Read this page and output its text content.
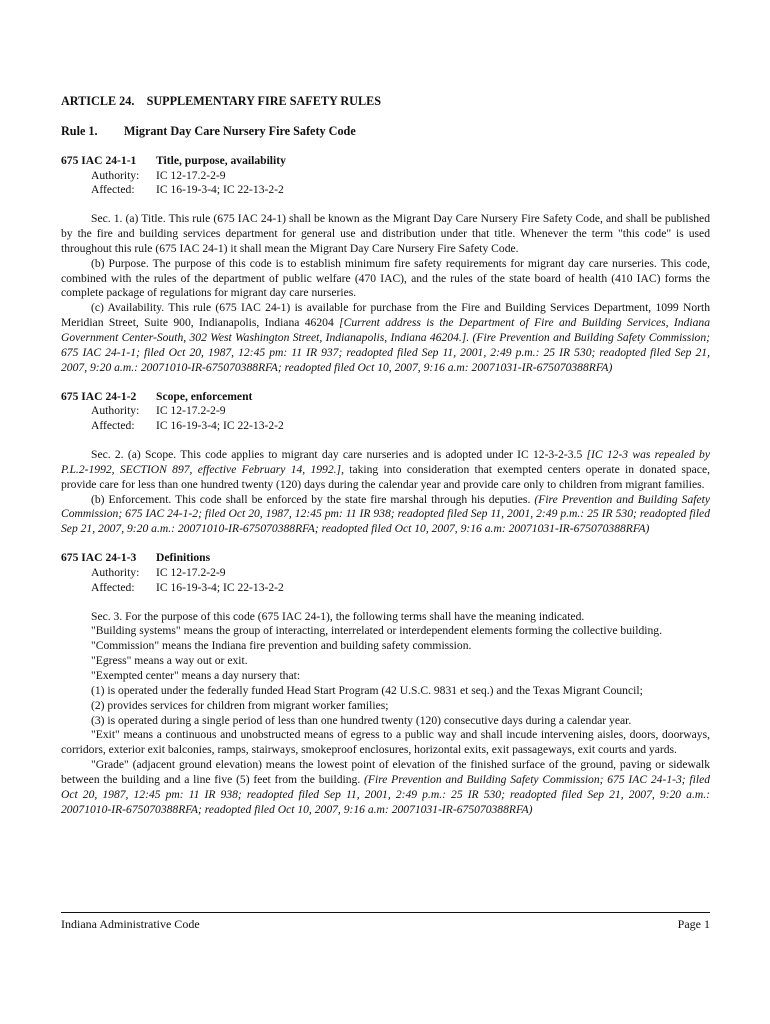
ARTICLE 24.    SUPPLEMENTARY FIRE SAFETY RULES
Rule 1. Migrant Day Care Nursery Fire Safety Code
675 IAC 24-1-1 Title, purpose, availability
Authority: IC 12-17.2-2-9
Affected: IC 16-19-3-4; IC 22-13-2-2

Sec. 1. (a) Title. This rule (675 IAC 24-1) shall be known as the Migrant Day Care Nursery Fire Safety Code, and shall be published by the fire and building services department for general use and distribution under that title. Whenever the term "this code" is used throughout this rule (675 IAC 24-1) it shall mean the Migrant Day Care Nursery Fire Safety Code.

(b) Purpose. The purpose of this code is to establish minimum fire safety requirements for migrant day care nurseries. This code, combined with the rules of the department of public welfare (470 IAC), and the rules of the state board of health (410 IAC) forms the complete package of regulations for migrant day care nurseries.

(c) Availability. This rule (675 IAC 24-1) is available for purchase from the Fire and Building Services Department, 1099 North Meridian Street, Suite 900, Indianapolis, Indiana 46204 [Current address is the Department of Fire and Building Services, Indiana Government Center-South, 302 West Washington Street, Indianapolis, Indiana 46204.]. (Fire Prevention and Building Safety Commission; 675 IAC 24-1-1; filed Oct 20, 1987, 12:45 pm: 11 IR 937; readopted filed Sep 11, 2001, 2:49 p.m.: 25 IR 530; readopted filed Sep 21, 2007, 9:20 a.m.: 20071010-IR-675070388RFA; readopted filed Oct 10, 2007, 9:16 a.m: 20071031-IR-675070388RFA)

675 IAC 24-1-2 Scope, enforcement
Authority: IC 12-17.2-2-9
Affected: IC 16-19-3-4; IC 22-13-2-2

Sec. 2. (a) Scope. This code applies to migrant day care nurseries and is adopted under IC 12-3-2-3.5 [IC 12-3 was repealed by P.L.2-1992, SECTION 897, effective February 14, 1992.], taking into consideration that exempted centers operate in donated space, provide care for less than one hundred twenty (120) days during the calendar year and provide care only to children from migrant families.

(b) Enforcement. This code shall be enforced by the state fire marshal through his deputies. (Fire Prevention and Building Safety Commission; 675 IAC 24-1-2; filed Oct 20, 1987, 12:45 pm: 11 IR 938; readopted filed Sep 11, 2001, 2:49 p.m.: 25 IR 530; readopted filed Sep 21, 2007, 9:20 a.m.: 20071010-IR-675070388RFA; readopted filed Oct 10, 2007, 9:16 a.m: 20071031-IR-675070388RFA)

675 IAC 24-1-3 Definitions
Authority: IC 12-17.2-2-9
Affected: IC 16-19-3-4; IC 22-13-2-2

Sec. 3. For the purpose of this code (675 IAC 24-1), the following terms shall have the meaning indicated.

"Building systems" means the group of interacting, interrelated or interdependent elements forming the collective building.

"Commission" means the Indiana fire prevention and building safety commission.

"Egress" means a way out or exit.

"Exempted center" means a day nursery that:

(1) is operated under the federally funded Head Start Program (42 U.S.C. 9831 et seq.) and the Texas Migrant Council;

(2) provides services for children from migrant worker families;

(3) is operated during a single period of less than one hundred twenty (120) consecutive days during a calendar year.

"Exit" means a continuous and unobstructed means of egress to a public way and shall incude intervening aisles, doors, doorways, corridors, exterior exit balconies, ramps, stairways, smokeproof enclosures, horizontal exits, exit passageways, exit courts and yards.

"Grade" (adjacent ground elevation) means the lowest point of elevation of the finished surface of the ground, paving or sidewalk between the building and a line five (5) feet from the building. (Fire Prevention and Building Safety Commission; 675 IAC 24-1-3; filed Oct 20, 1987, 12:45 pm: 11 IR 938; readopted filed Sep 11, 2001, 2:49 p.m.: 25 IR 530; readopted filed Sep 21, 2007, 9:20 a.m.: 20071010-IR-675070388RFA; readopted filed Oct 10, 2007, 9:16 a.m: 20071031-IR-675070388RFA)

Indiana Administrative Code	Page 1
